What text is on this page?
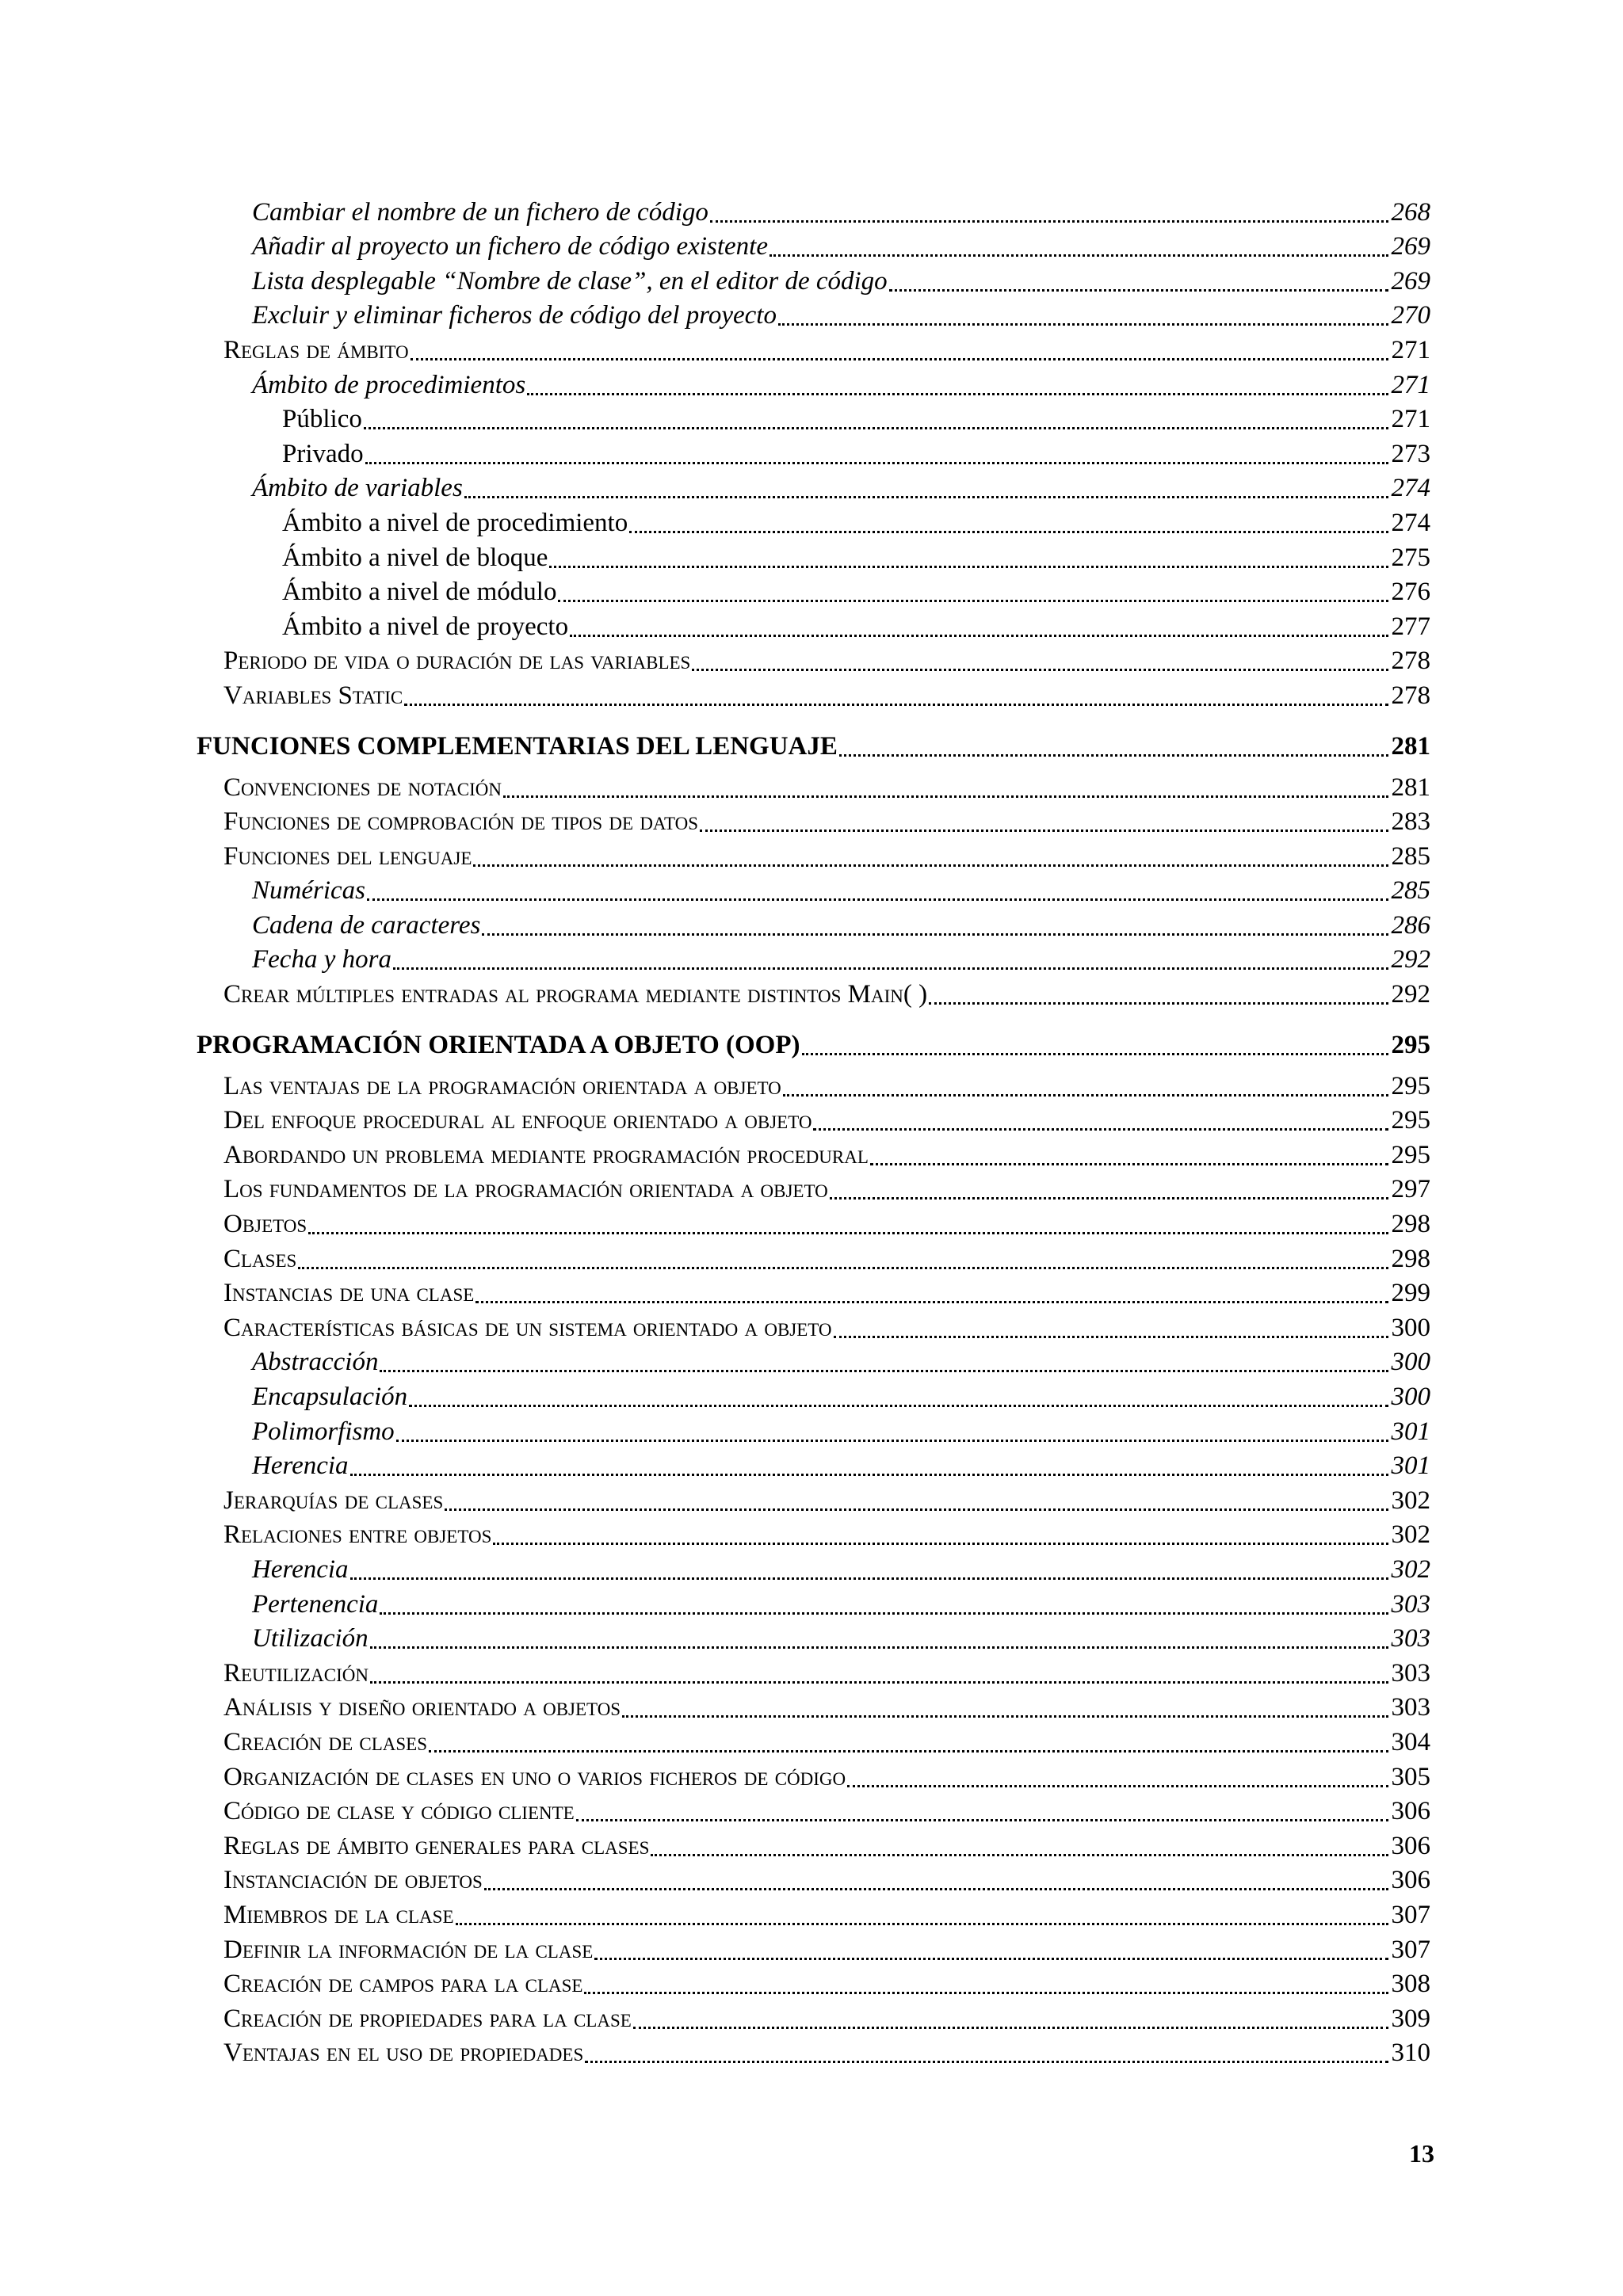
Cambiar el nombre de un fichero de código	268
Añadir al proyecto un fichero de código existente	269
Lista desplegable “Nombre de clase”, en el editor de código	269
Excluir y eliminar ficheros de código del proyecto	270
Reglas de ámbito	271
Ámbito de procedimientos	271
Público	271
Privado	273
Ámbito de variables	274
Ámbito a nivel de procedimiento	274
Ámbito a nivel de bloque	275
Ámbito a nivel de módulo	276
Ámbito a nivel de proyecto	277
Periodo de vida o duración de las variables	278
Variables Static	278
FUNCIONES COMPLEMENTARIAS DEL LENGUAJE	281
Convenciones de notación	281
Funciones de comprobación de tipos de datos	283
Funciones del lenguaje	285
Numéricas	285
Cadena de caracteres	286
Fecha y hora	292
Crear múltiples entradas al programa mediante distintos Main( )	292
PROGRAMACIÓN ORIENTADA A OBJETO (OOP)	295
Las ventajas de la programación orientada a objeto	295
Del enfoque procedural al enfoque orientado a objeto	295
Abordando un problema mediante programación procedural	295
Los fundamentos de la programación orientada a objeto	297
Objetos	298
Clases	298
Instancias de una clase	299
Características básicas de un sistema orientado a objeto	300
Abstracción	300
Encapsulación	300
Polimorfismo	301
Herencia	301
Jerarquías de clases	302
Relaciones entre objetos	302
Herencia	302
Pertenencia	303
Utilización	303
Reutilización	303
Análisis y diseño orientado a objetos	303
Creación de clases	304
Organización de clases en uno o varios ficheros de código	305
Código de clase y código cliente	306
Reglas de ámbito generales para clases	306
Instanciación de objetos	306
Miembros de la clase	307
Definir la información de la clase	307
Creación de campos para la clase	308
Creación de propiedades para la clase	309
Ventajas en el uso de propiedades	310
13
